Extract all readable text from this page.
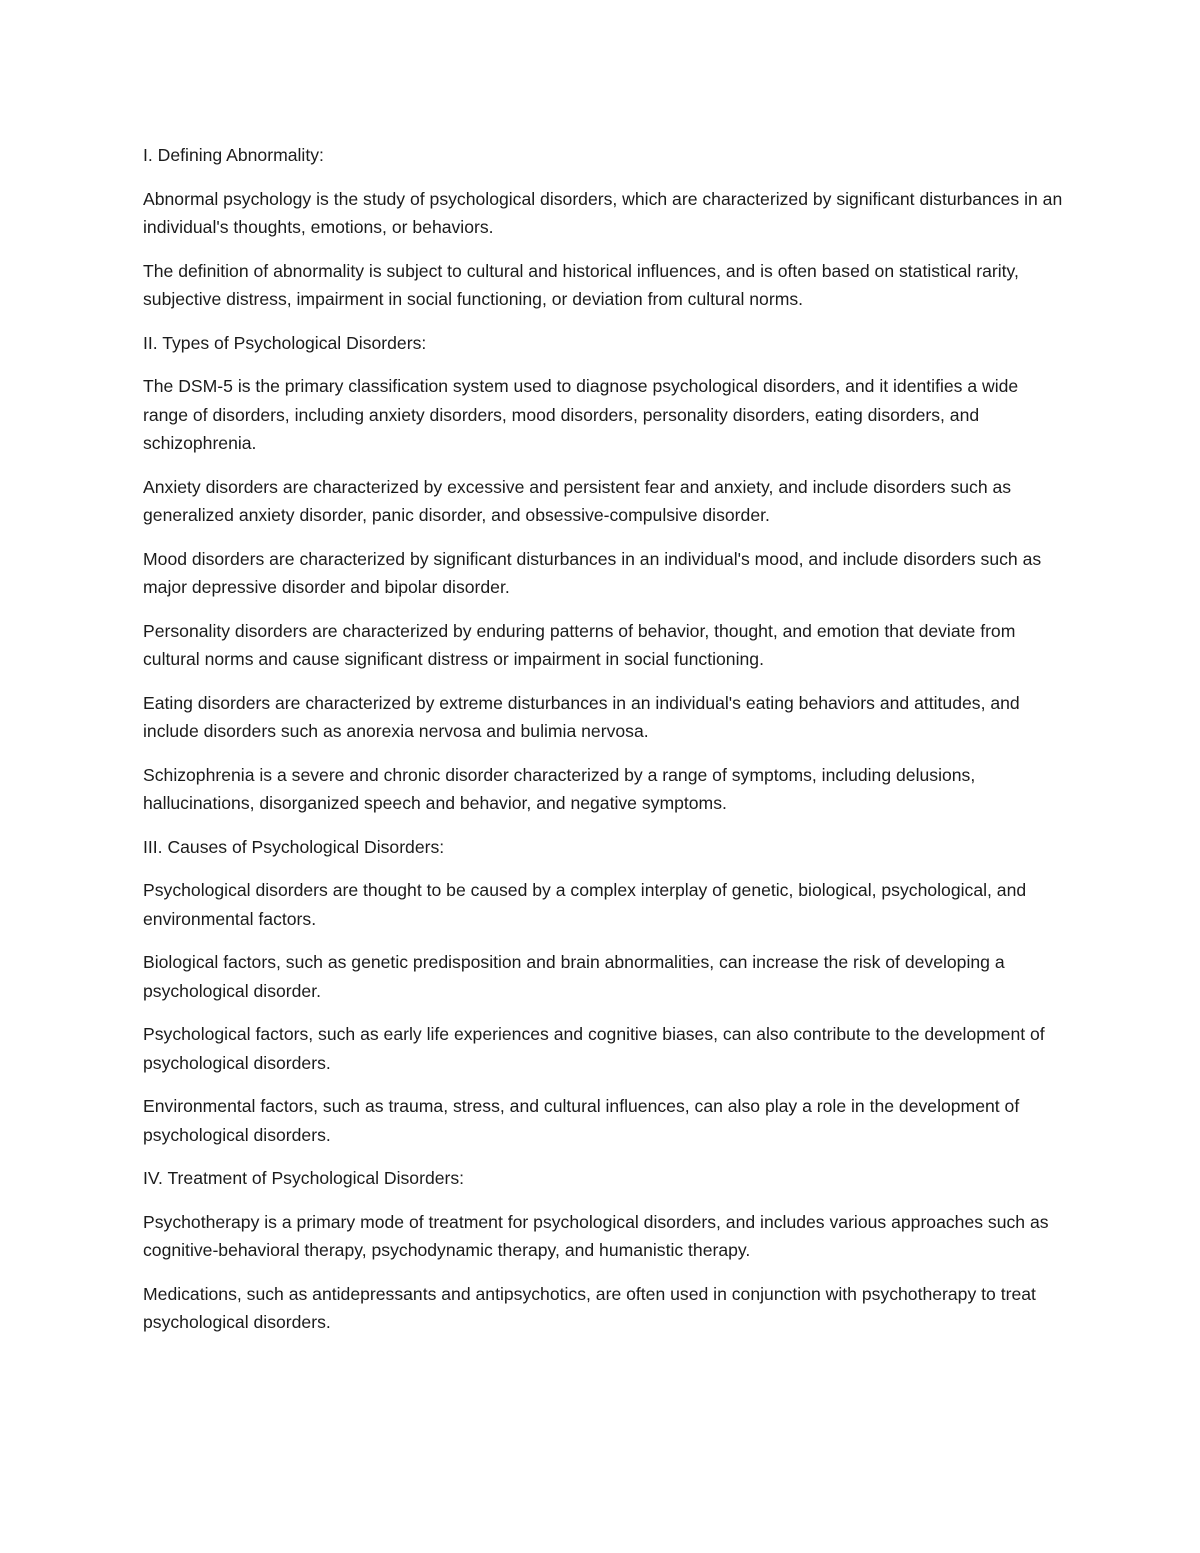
I. Defining Abnormality:

Abnormal psychology is the study of psychological disorders, which are characterized by significant disturbances in an individual's thoughts, emotions, or behaviors.

The definition of abnormality is subject to cultural and historical influences, and is often based on statistical rarity, subjective distress, impairment in social functioning, or deviation from cultural norms.

II. Types of Psychological Disorders:

The DSM-5 is the primary classification system used to diagnose psychological disorders, and it identifies a wide range of disorders, including anxiety disorders, mood disorders, personality disorders, eating disorders, and schizophrenia.

Anxiety disorders are characterized by excessive and persistent fear and anxiety, and include disorders such as generalized anxiety disorder, panic disorder, and obsessive-compulsive disorder.

Mood disorders are characterized by significant disturbances in an individual's mood, and include disorders such as major depressive disorder and bipolar disorder.

Personality disorders are characterized by enduring patterns of behavior, thought, and emotion that deviate from cultural norms and cause significant distress or impairment in social functioning.

Eating disorders are characterized by extreme disturbances in an individual's eating behaviors and attitudes, and include disorders such as anorexia nervosa and bulimia nervosa.

Schizophrenia is a severe and chronic disorder characterized by a range of symptoms, including delusions, hallucinations, disorganized speech and behavior, and negative symptoms.

III. Causes of Psychological Disorders:

Psychological disorders are thought to be caused by a complex interplay of genetic, biological, psychological, and environmental factors.

Biological factors, such as genetic predisposition and brain abnormalities, can increase the risk of developing a psychological disorder.

Psychological factors, such as early life experiences and cognitive biases, can also contribute to the development of psychological disorders.

Environmental factors, such as trauma, stress, and cultural influences, can also play a role in the development of psychological disorders.

IV. Treatment of Psychological Disorders:

Psychotherapy is a primary mode of treatment for psychological disorders, and includes various approaches such as cognitive-behavioral therapy, psychodynamic therapy, and humanistic therapy.

Medications, such as antidepressants and antipsychotics, are often used in conjunction with psychotherapy to treat psychological disorders.
